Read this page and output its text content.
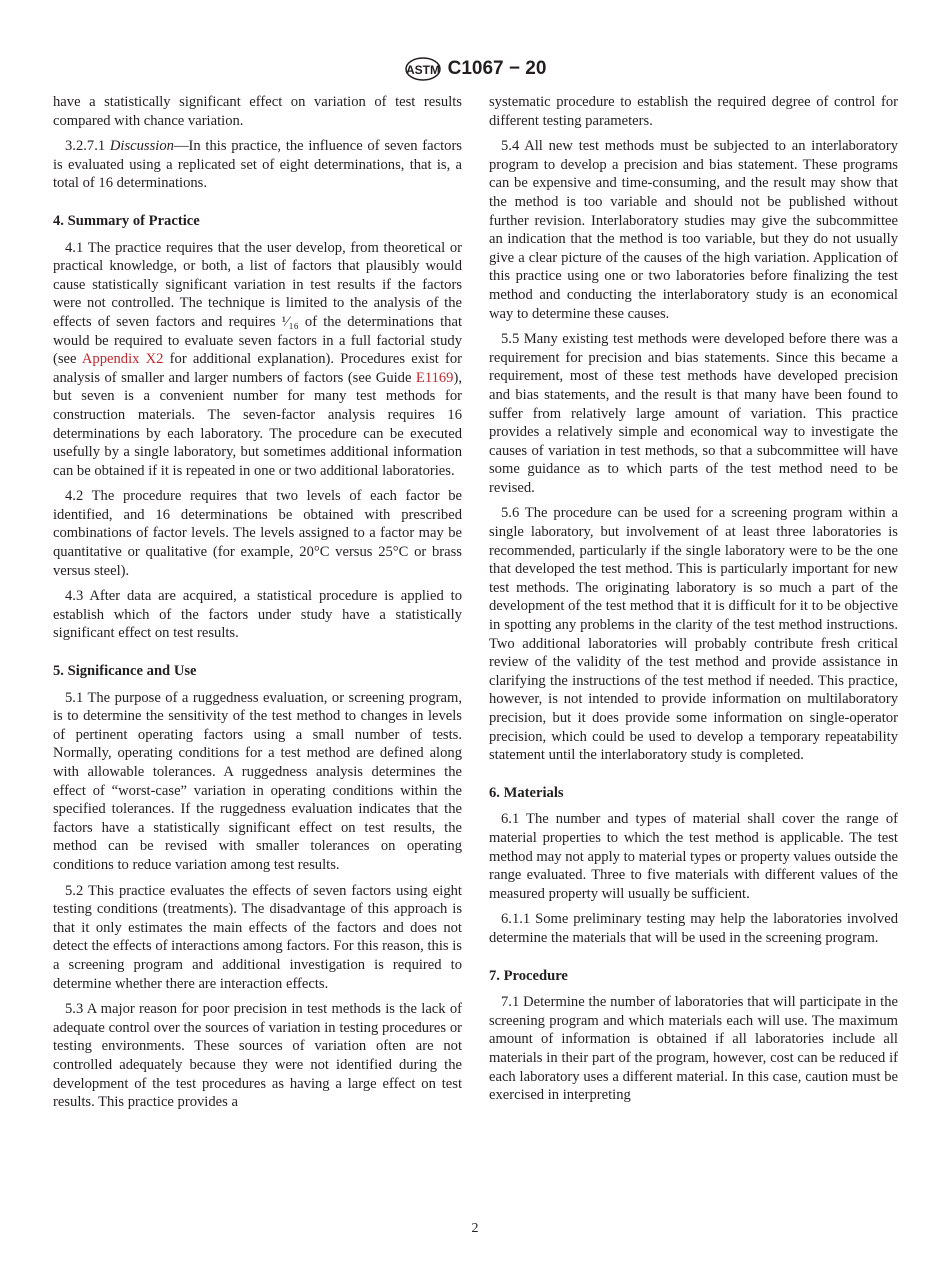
ASTM C1067 − 20

have a statistically significant effect on variation of test results compared with chance variation.

3.2.7.1 Discussion—In this practice, the influence of seven factors is evaluated using a replicated set of eight determinations, that is, a total of 16 determinations.

4. Summary of Practice

4.1 The practice requires that the user develop, from theoretical or practical knowledge, or both, a list of factors that plausibly would cause statistically significant variation in test results if the factors were not controlled. The technique is limited to the analysis of the effects of seven factors and requires ¹⁄₁₆ of the determinations that would be required to evaluate seven factors in a full factorial study (see Appendix X2 for additional explanation). Procedures exist for analysis of smaller and larger numbers of factors (see Guide E1169), but seven is a convenient number for many test methods for construction materials. The seven-factor analysis requires 16 determinations by each laboratory. The procedure can be executed usefully by a single laboratory, but sometimes additional information can be obtained if it is repeated in one or two additional laboratories.

4.2 The procedure requires that two levels of each factor be identified, and 16 determinations be obtained with prescribed combinations of factor levels. The levels assigned to a factor may be quantitative or qualitative (for example, 20°C versus 25°C or brass versus steel).

4.3 After data are acquired, a statistical procedure is applied to establish which of the factors under study have a statistically significant effect on test results.

5. Significance and Use

5.1 The purpose of a ruggedness evaluation, or screening program, is to determine the sensitivity of the test method to changes in levels of pertinent operating factors using a small number of tests. Normally, operating conditions for a test method are defined along with allowable tolerances. A ruggedness analysis determines the effect of “worst-case” variation in operating conditions within the specified tolerances. If the ruggedness evaluation indicates that the factors have a statistically significant effect on test results, the method can be revised with smaller tolerances on operating conditions to reduce variation among test results.

5.2 This practice evaluates the effects of seven factors using eight testing conditions (treatments). The disadvantage of this approach is that it only estimates the main effects of the factors and does not detect the effects of interactions among factors. For this reason, this is a screening program and additional investigation is required to determine whether there are interaction effects.

5.3 A major reason for poor precision in test methods is the lack of adequate control over the sources of variation in testing procedures or testing environments. These sources of variation often are not controlled adequately because they were not identified during the development of the test procedures as having a large effect on test results. This practice provides a

systematic procedure to establish the required degree of control for different testing parameters.

5.4 All new test methods must be subjected to an interlaboratory program to develop a precision and bias statement. These programs can be expensive and time-consuming, and the result may show that the method is too variable and should not be published without further revision. Interlaboratory studies may give the subcommittee an indication that the method is too variable, but they do not usually give a clear picture of the causes of the high variation. Application of this practice using one or two laboratories before finalizing the test method and conducting the interlaboratory study is an economical way to determine these causes.

5.5 Many existing test methods were developed before there was a requirement for precision and bias statements. Since this became a requirement, most of these test methods have developed precision and bias statements, and the result is that many have been found to suffer from relatively large amount of variation. This practice provides a relatively simple and economical way to investigate the causes of variation in test methods, so that a subcommittee will have some guidance as to which parts of the test method need to be revised.

5.6 The procedure can be used for a screening program within a single laboratory, but involvement of at least three laboratories is recommended, particularly if the single laboratory were to be the one that developed the test method. This is particularly important for new test methods. The originating laboratory is so much a part of the development of the test method that it is difficult for it to be objective in spotting any problems in the clarity of the test method instructions. Two additional laboratories will probably contribute fresh critical review of the validity of the test method and provide assistance in clarifying the instructions of the test method if needed. This practice, however, is not intended to provide information on multilaboratory precision, but it does provide some information on single-operator precision, which could be used to develop a temporary repeatability statement until the interlaboratory study is completed.

6. Materials

6.1 The number and types of material shall cover the range of material properties to which the test method is applicable. The test method may not apply to material types or property values outside the range evaluated. Three to five materials with different values of the measured property will usually be sufficient.

6.1.1 Some preliminary testing may help the laboratories involved determine the materials that will be used in the screening program.

7. Procedure

7.1 Determine the number of laboratories that will participate in the screening program and which materials each will use. The maximum amount of information is obtained if all laboratories include all materials in their part of the program, however, cost can be reduced if each laboratory uses a different material. In this case, caution must be exercised in interpreting

2
